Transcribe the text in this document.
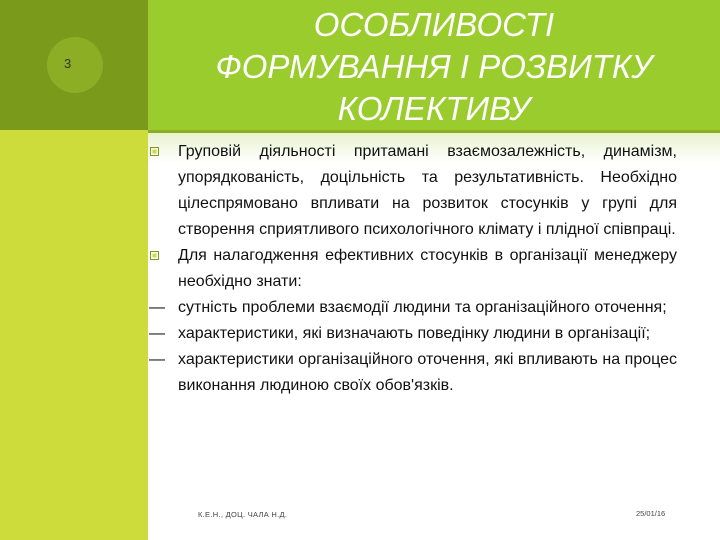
3
ОСОБЛИВОСТІ
ФОРМУВАННЯ І РОЗВИТКУ
КОЛЕКТИВУ
Груповій діяльності притамані взаємозалежність, динамізм, упорядкованість, доцільність та результативність. Необхідно цілеспрямовано впливати на розвиток стосунків у групі для створення сприятливого психологічного клімату і плідної співпраці.
Для налагодження ефективних стосунків в організації менеджеру необхідно знати:
— сутність проблеми взаємодії людини та організаційного оточення;
— характеристики, які визначають поведінку людини в організації;
— характеристики організаційного оточення, які впливають на процес виконання людиною своїх обов'язків.
К.Е.Н., ДОЦ. ЧАЛА Н.Д.	25/01/16
